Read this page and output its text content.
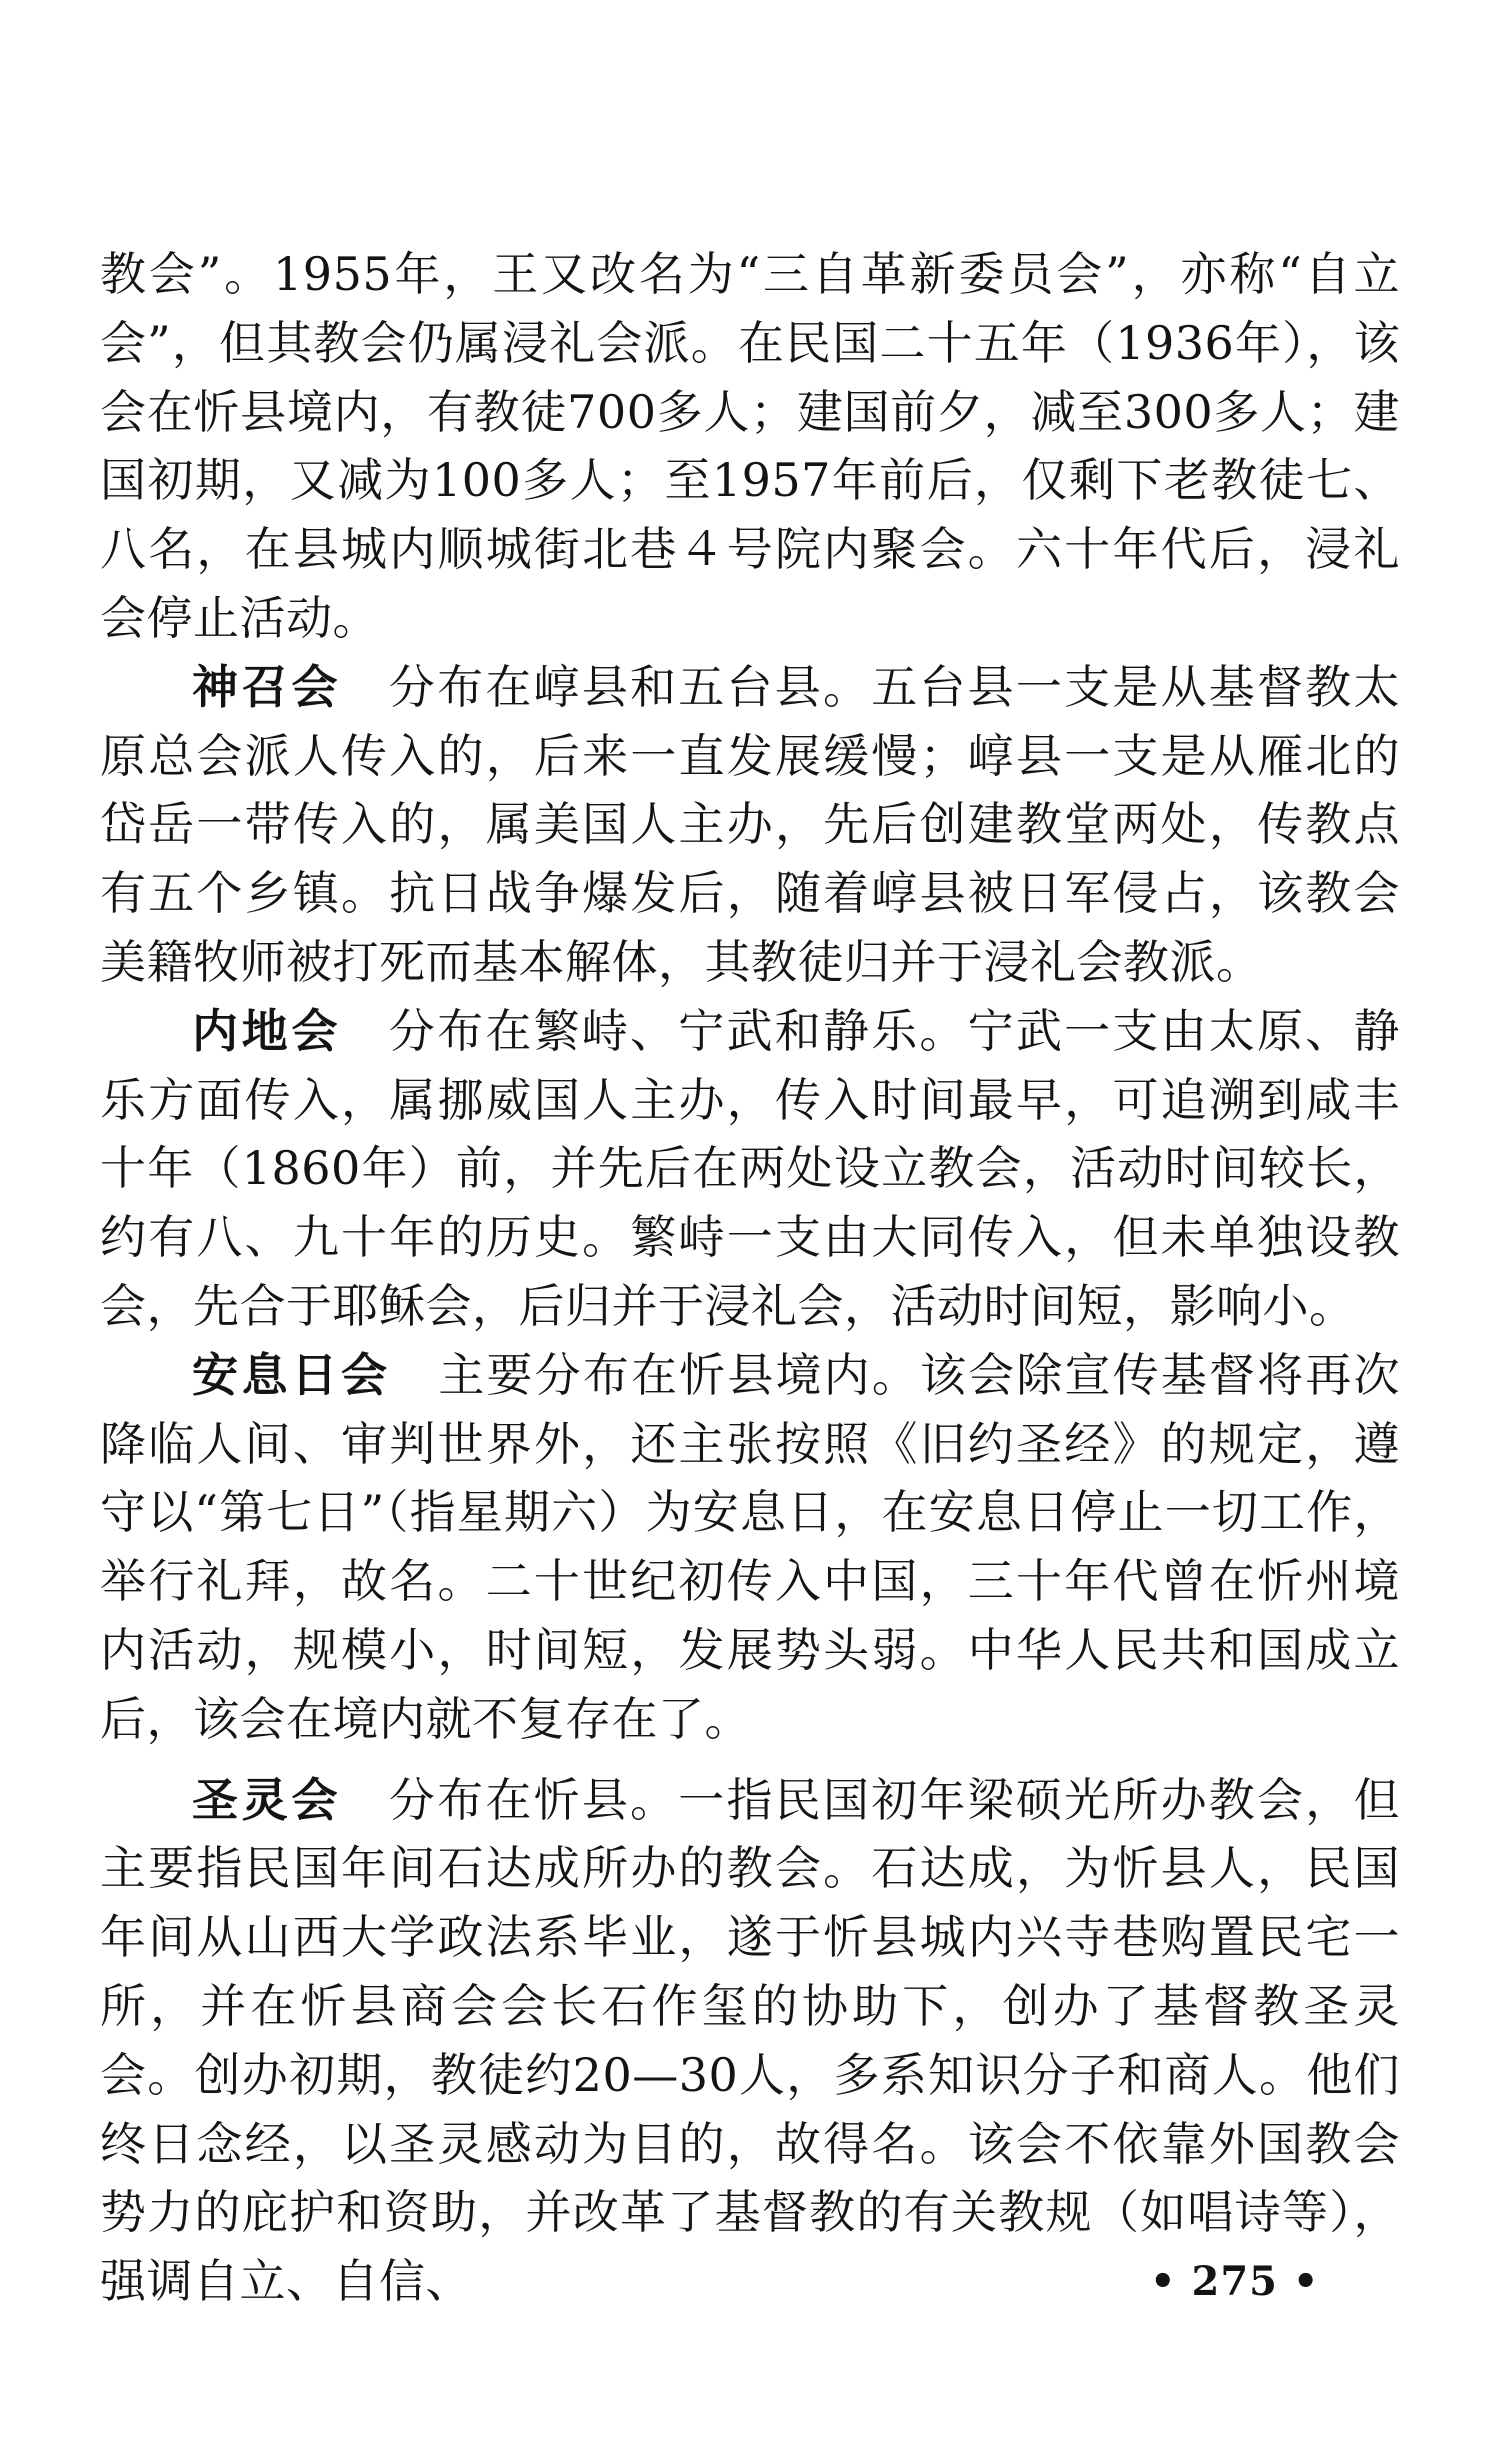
教会”。1955年，王又改名为“三自革新委员会”，亦称“自立会”，但其教会仍属浸礼会派。在民国二十五年（1936年），该会在忻县境内，有教徒700多人；建国前夕，减至300多人；建国初期，又减为100多人；至1957年前后，仅剩下老教徒七、八名，在县城内顺城街北巷４号院内聚会。六十年代后，浸礼会停止活动。

神召会 分布在崞县和五台县。五台县一支是从基督教太原总会派人传入的，后来一直发展缓慢；崞县一支是从雁北的岱岳一带传入的，属美国人主办，先后创建教堂两处，传教点有五个乡镇。抗日战争爆发后，随着崞县被日军侵占，该教会美籍牧师被打死而基本解体，其教徒归并于浸礼会教派。

内地会 分布在繁峙、宁武和静乐。宁武一支由太原、静乐方面传入，属挪威国人主办，传入时间最早，可追溯到咸丰十年（1860年）前，并先后在两处设立教会，活动时间较长，约有八、九十年的历史。繁峙一支由大同传入，但未单独设教会，先合于耶稣会，后归并于浸礼会，活动时间短，影响小。

安息日会 主要分布在忻县境内。该会除宣传基督将再次降临人间、审判世界外，还主张按照《旧约圣经》的规定，遵守以“第七日”（指星期六）为安息日，在安息日停止一切工作，举行礼拜，故名。二十世纪初传入中国，三十年代曾在忻州境内活动，规模小，时间短，发展势头弱。中华人民共和国成立后，该会在境内就不复存在了。

圣灵会 分布在忻县。一指民国初年梁硕光所办教会，但主要指民国年间石达成所办的教会。石达成，为忻县人，民国年间从山西大学政法系毕业，遂于忻县城内兴寺巷购置民宅一所，并在忻县商会会长石作玺的协助下，创办了基督教圣灵会。创办初期，教徒约20—30人，多系知识分子和商人。他们终日念经，以圣灵感动为目的，故得名。该会不依靠外国教会势力的庇护和资助，并改革了基督教的有关教规（如唱诗等），强调自立、自信、	• 275 •
